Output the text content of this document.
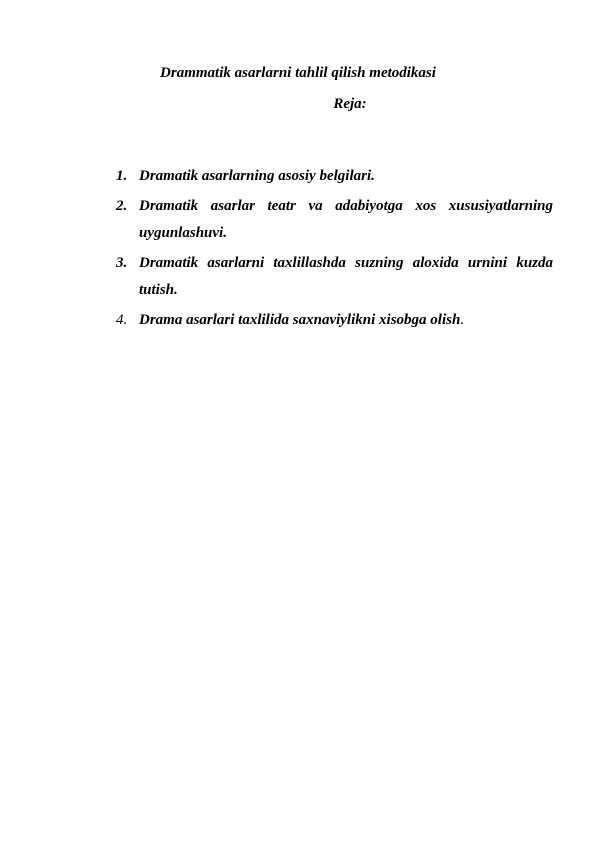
Drammatik asarlarni tahlil qilish metodikasi

Reja:

1. Dramatik asarlarning asosiy belgilari.
2. Dramatik asarlar teatr va adabiyotga xos xususiyatlarning uygunlashuvi.
3. Dramatik asarlarni taxlillashda suzning aloxida urnini kuzda tutish.
4. Drama asarlari taxlilida saxnaviylikni xisobga olish.
